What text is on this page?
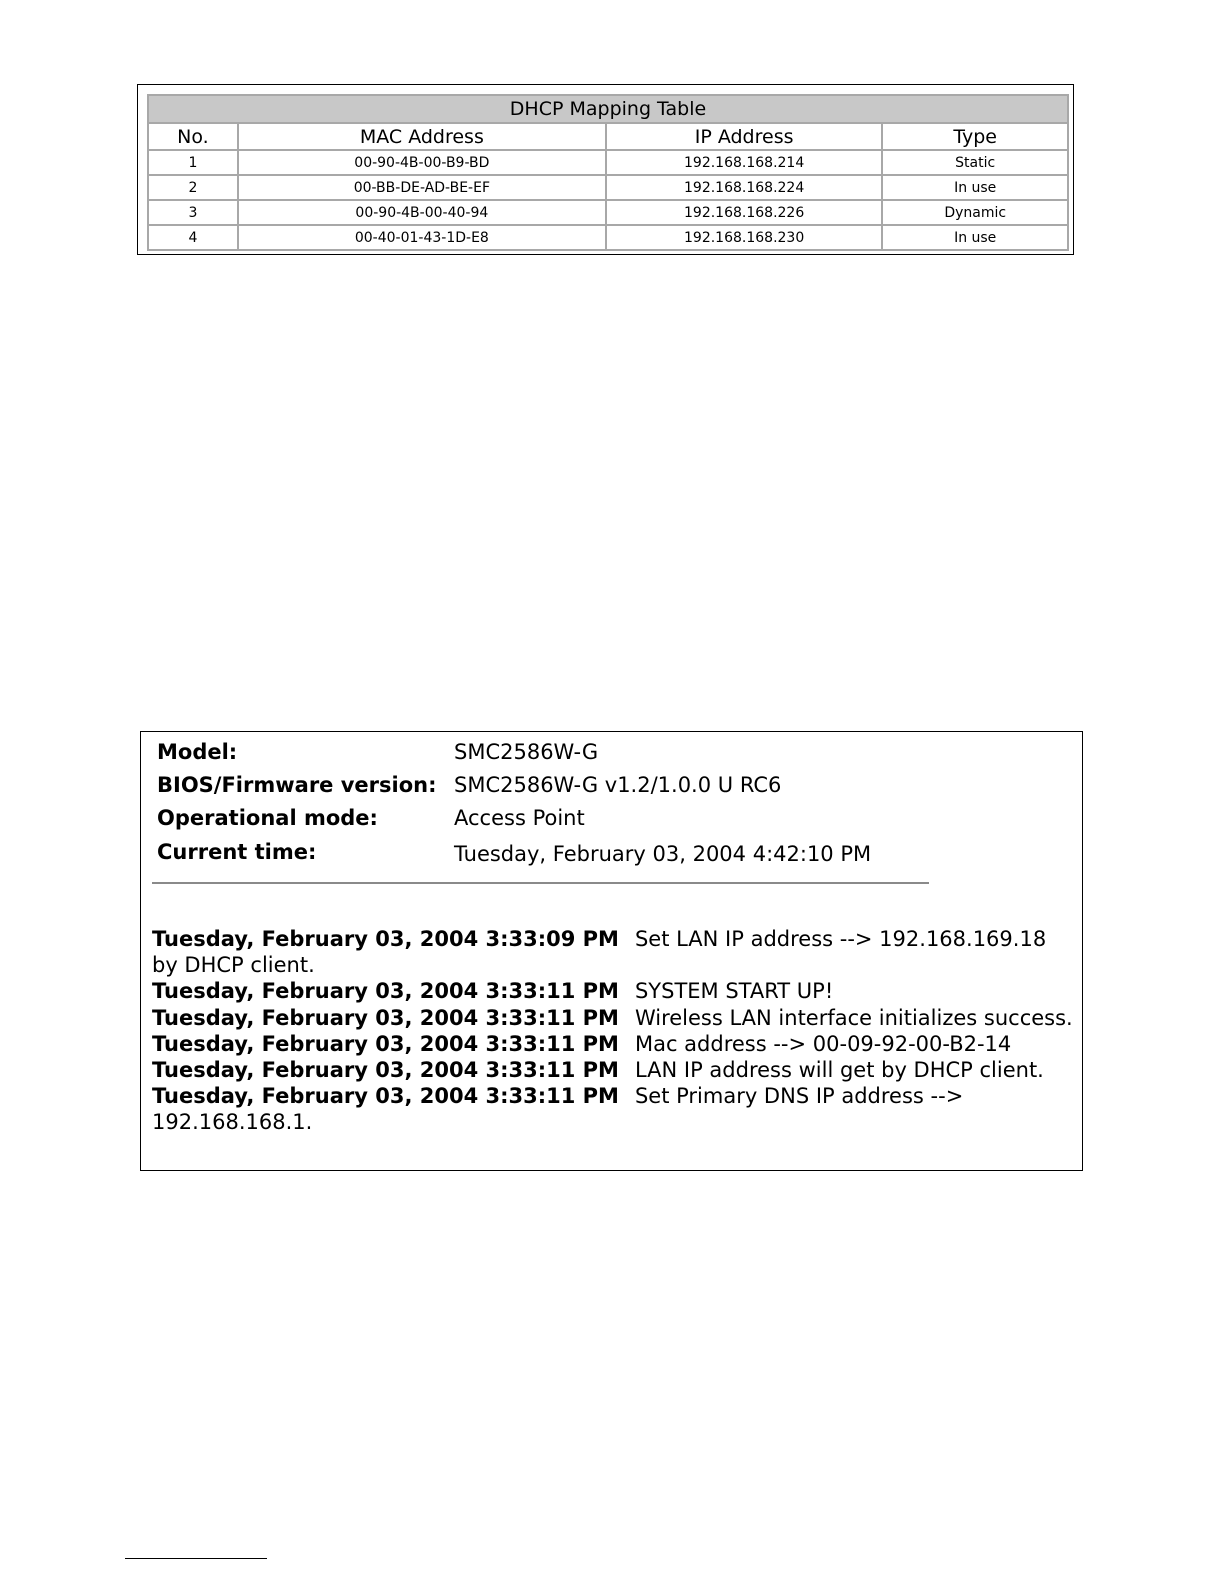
DHCP Mapping Table			
No.	MAC Address	IP Address	Type
1	00-90-4B-00-B9-BD	192.168.168.214	Static
2	00-BB-DE-AD-BE-EF	192.168.168.224	In use
3	00-90-4B-00-40-94	192.168.168.226	Dynamic
4	00-40-01-43-1D-E8	192.168.168.230	In use
Model:	SMC2586W-G
BIOS/Firmware version: SMC2586W-G v1.2/1.0.0 U RC6
Operational mode:	Access Point
Current time:	Tuesday, February 03, 2004 4:42:10 PM

Tuesday, February 03, 2004 3:33:09 PM Set LAN IP address --> 192.168.169.18 by DHCP client.

Tuesday, February 03, 2004 3:33:11 PM SYSTEM START UP!

Tuesday, February 03, 2004 3:33:11 PM Wireless LAN interface initializes success.

Tuesday, February 03, 2004 3:33:11 PM Mac address --> 00-09-92-00-B2-14

Tuesday, February 03, 2004 3:33:11 PM LAN IP address will get by DHCP client.

Tuesday, February 03, 2004 3:33:11 PM Set Primary DNS IP address --> 192.168.168.1.
